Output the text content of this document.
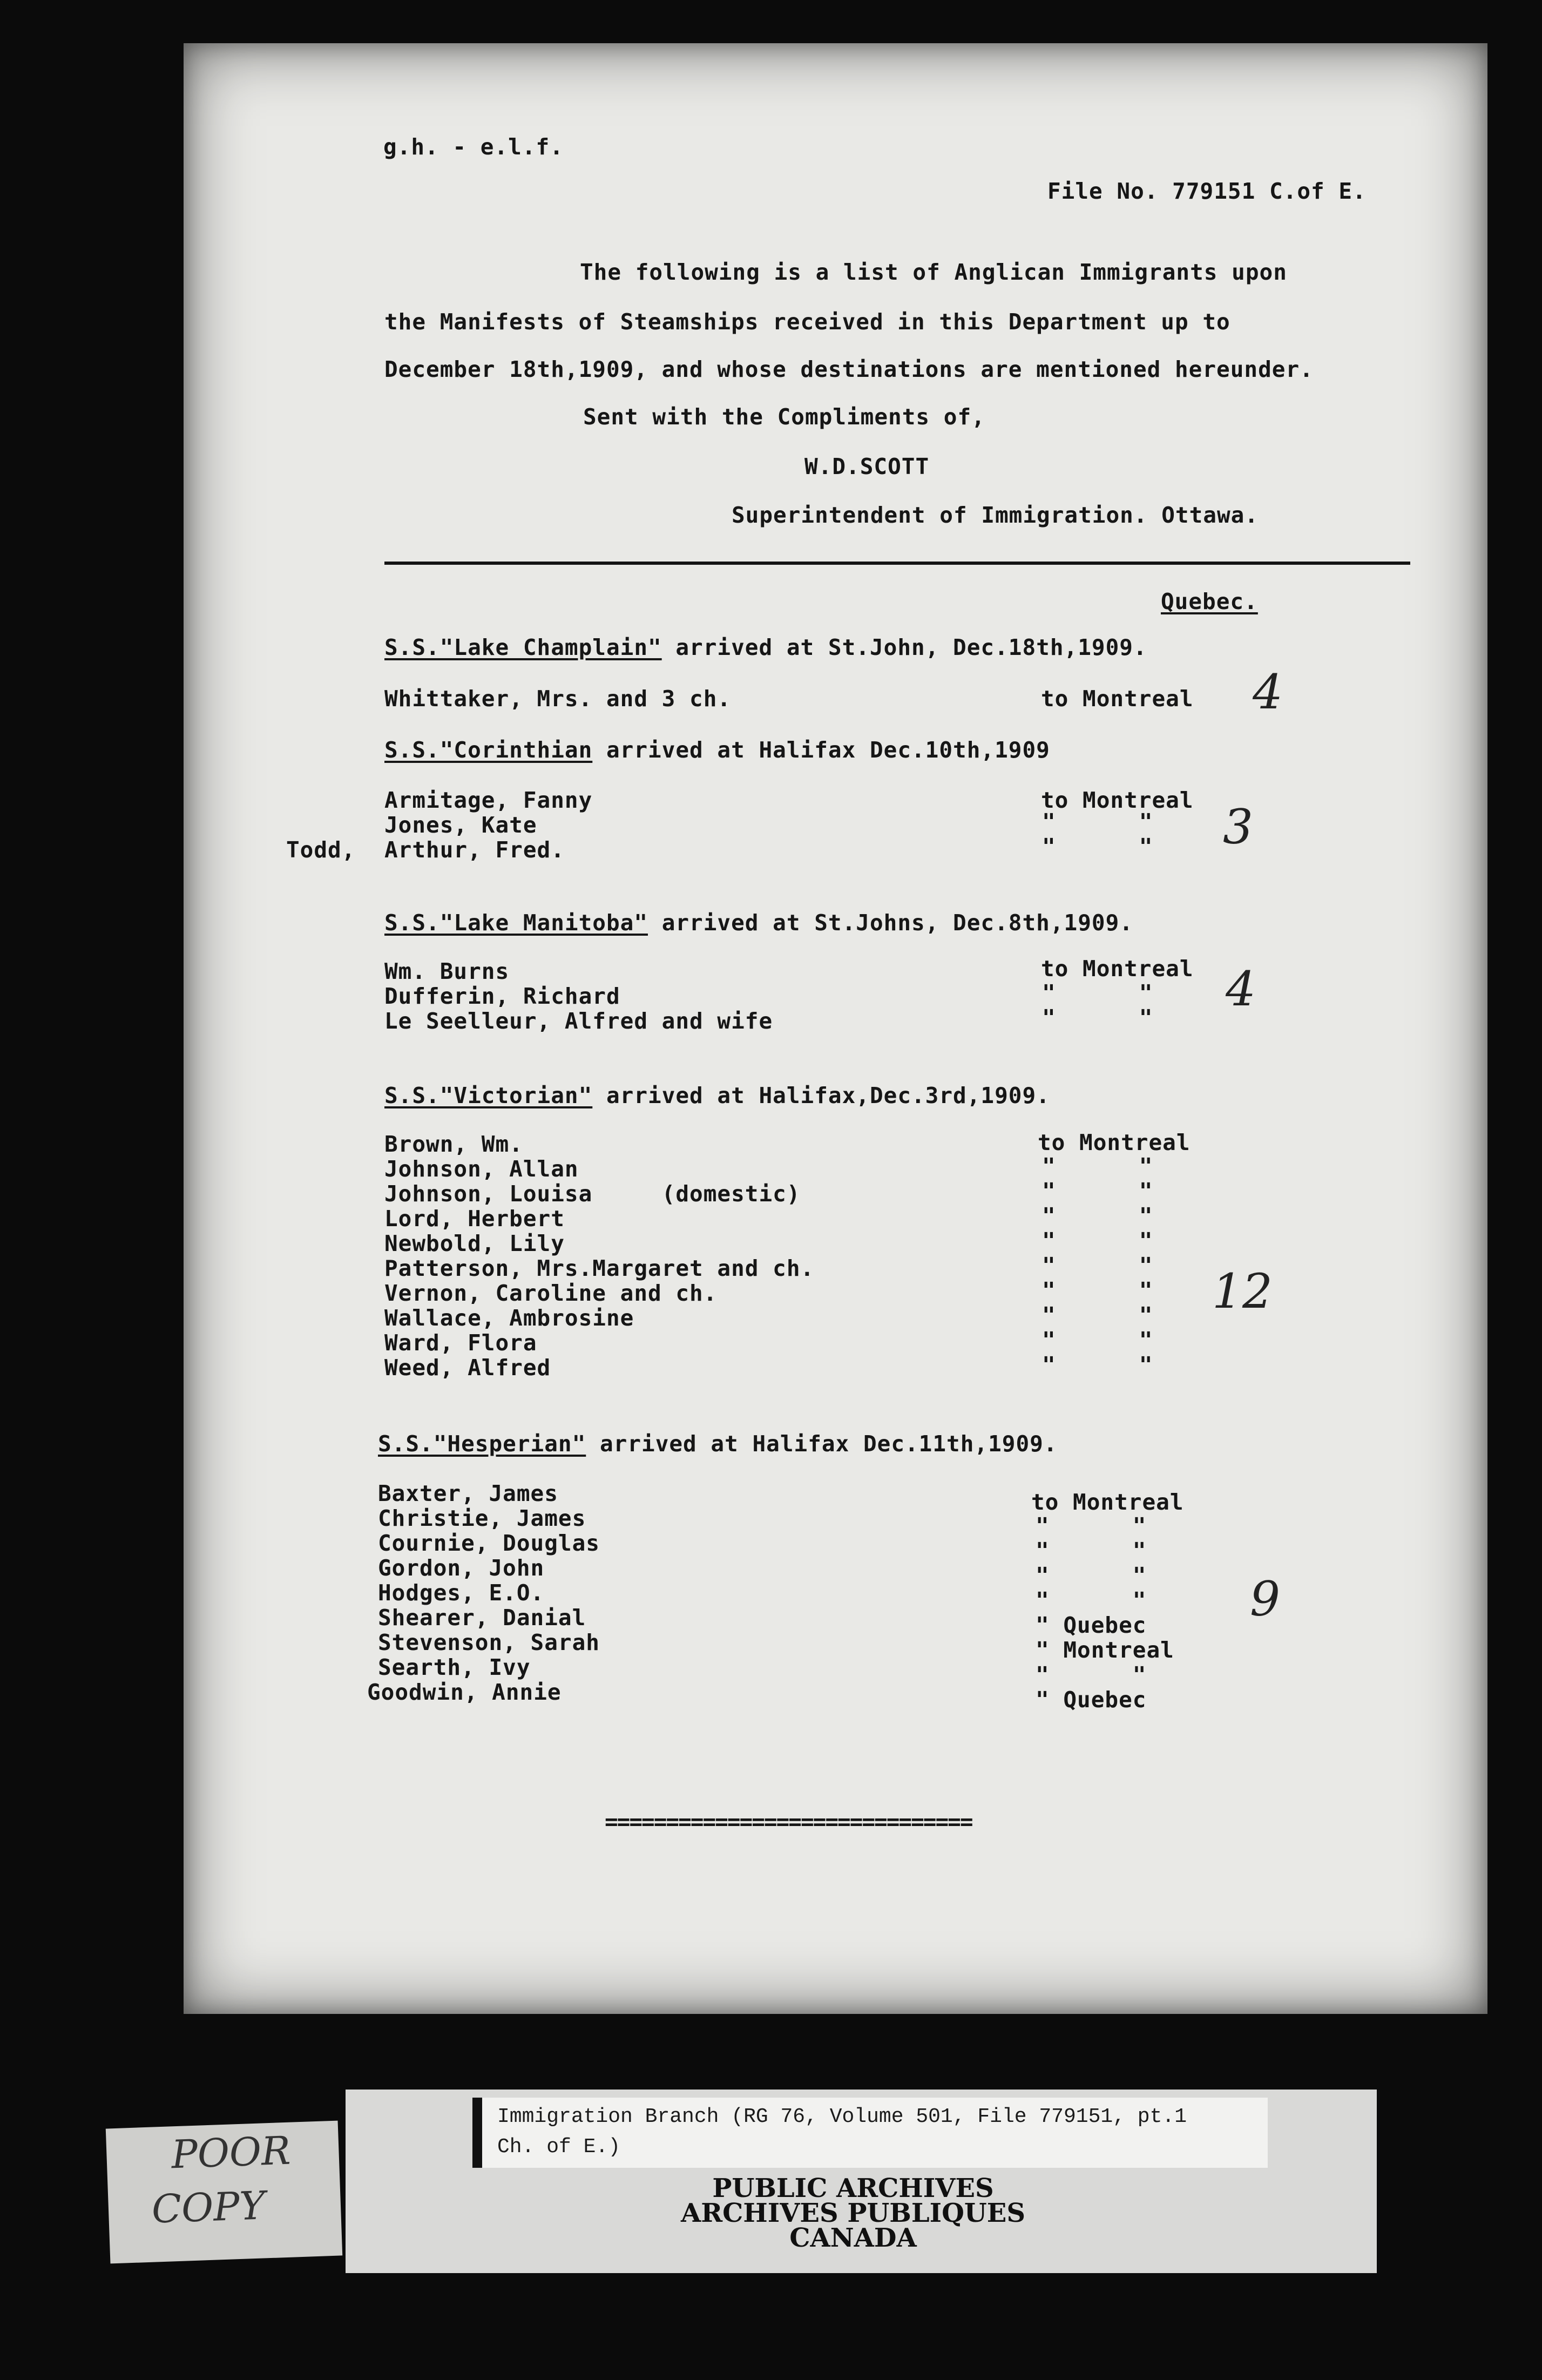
g.h. - e.l.f.
File No. 779151 C.of E.
The following is a list of Anglican Immigrants upon
the Manifests of Steamships received in this Department up to
December 18th,1909, and whose destinations are mentioned hereunder.
Sent with the Compliments of,
W.D.SCOTT
Superintendent of Immigration. Ottawa.
Quebec.
S.S."Lake Champlain" arrived at St.John, Dec.18th,1909.
Whittaker, Mrs. and 3 ch.	to Montreal 4
S.S."Corinthian arrived at Halifax Dec.10th,1909
Armitage, Fanny	to Montreal
Jones, Kate	"      "
Todd, Arthur, Fred.	"      " 3
S.S."Lake Manitoba" arrived at St.Johns, Dec.8th,1909.
Wm. Burns	to Montreal
Dufferin, Richard	"      "
Le Seelleur, Alfred and wife	"      "
4
S.S."Victorian" arrived at Halifax,Dec.3rd,1909.
Brown, Wm.	to Montreal
Johnson, Allan	"      "
Johnson, Louisa     (domestic)	"      "
Lord, Herbert	"      "
Newbold, Lily	"      "
Patterson, Mrs.Margaret and ch.	"      "
Vernon, Caroline and ch.	"      "
Wallace, Ambrosine	"      "
Ward, Flora	"      "
Weed, Alfred	"      "
12
S.S."Hesperian" arrived at Halifax Dec.11th,1909.
Baxter, James	to Montreal
Christie, James	"      "
Cournie, Douglas	"      "
Gordon, John	"      "
Hodges, E.O.	"      "
Shearer, Danial	" Quebec
Stevenson, Sarah	" Montreal
Searth, Ivy	"      "
Goodwin, Annie	" Quebec
9
==============================
Immigration Branch (RG 76, Volume 501, File 779151, pt.1
Ch. of E.)
PUBLIC ARCHIVES
ARCHIVES PUBLIQUES
CANADA
POOR
COPY
